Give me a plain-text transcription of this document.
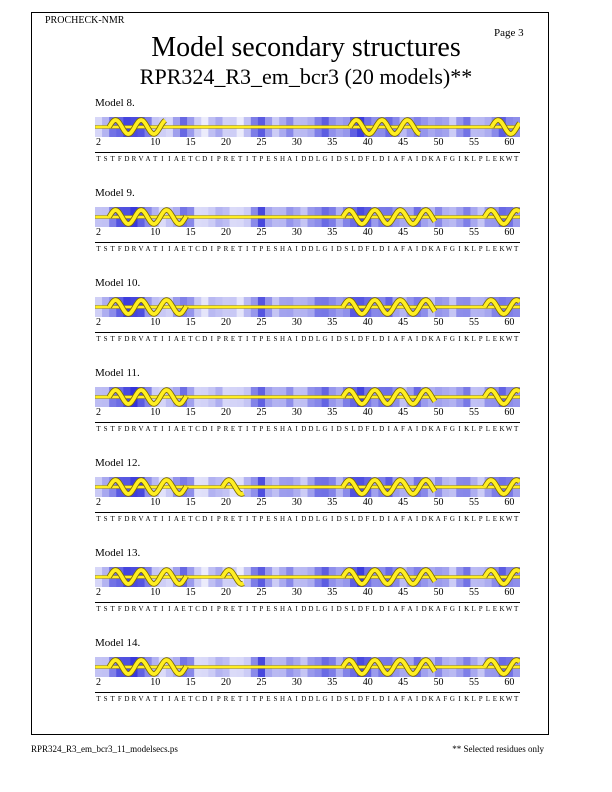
PROCHECK-NMR
Page 3
Model secondary structures
RPR324_R3_em_bcr3 (20 models)**
Model 8.
2	10	15	20	25	30	35	40	45	50	55	60
T S T F D R V A T I I A E T C D I P R E T I T P E S H A I D D L G I D S L D F L D I A F A I D K A F G I K L P L E KW T
Model 9.
2	10	15	20	25	30	35	40	45	50	55	60
T S T F D R V A T I I A E T C D I P R E T I T P E S H A I D D L G I D S L D F L D I A F A I D K A F G I K L P L E KW T
Model 10.
2	10	15	20	25	30	35	40	45	50	55	60
T S T F D R V A T I I A E T C D I P R E T I T P E S H A I D D L G I D S L D F L D I A F A I D K A F G I K L P L E KW T
Model 11.
2	10	15	20	25	30	35	40	45	50	55	60
T S T F D R V A T I I A E T C D I P R E T I T P E S H A I D D L G I D S L D F L D I A F A I D K A F G I K L P L E KW T
Model 12.
2	10	15	20	25	30	35	40	45	50	55	60
T S T F D R V A T I I A E T C D I P R E T I T P E S H A I D D L G I D S L D F L D I A F A I D K A F G I K L P L E KW T
Model 13.
2	10	15	20	25	30	35	40	45	50	55	60
T S T F D R V A T I I A E T C D I P R E T I T P E S H A I D D L G I D S L D F L D I A F A I D K A F G I K L P L E KW T
Model 14.
2	10	15	20	25	30	35	40	45	50	55	60
T S T F D R V A T I I A E T C D I P R E T I T P E S H A I D D L G I D S L D F L D I A F A I D K A F G I K L P L E KW T
RPR324_R3_em_bcr3_11_modelsecs.ps	** Selected residues only
